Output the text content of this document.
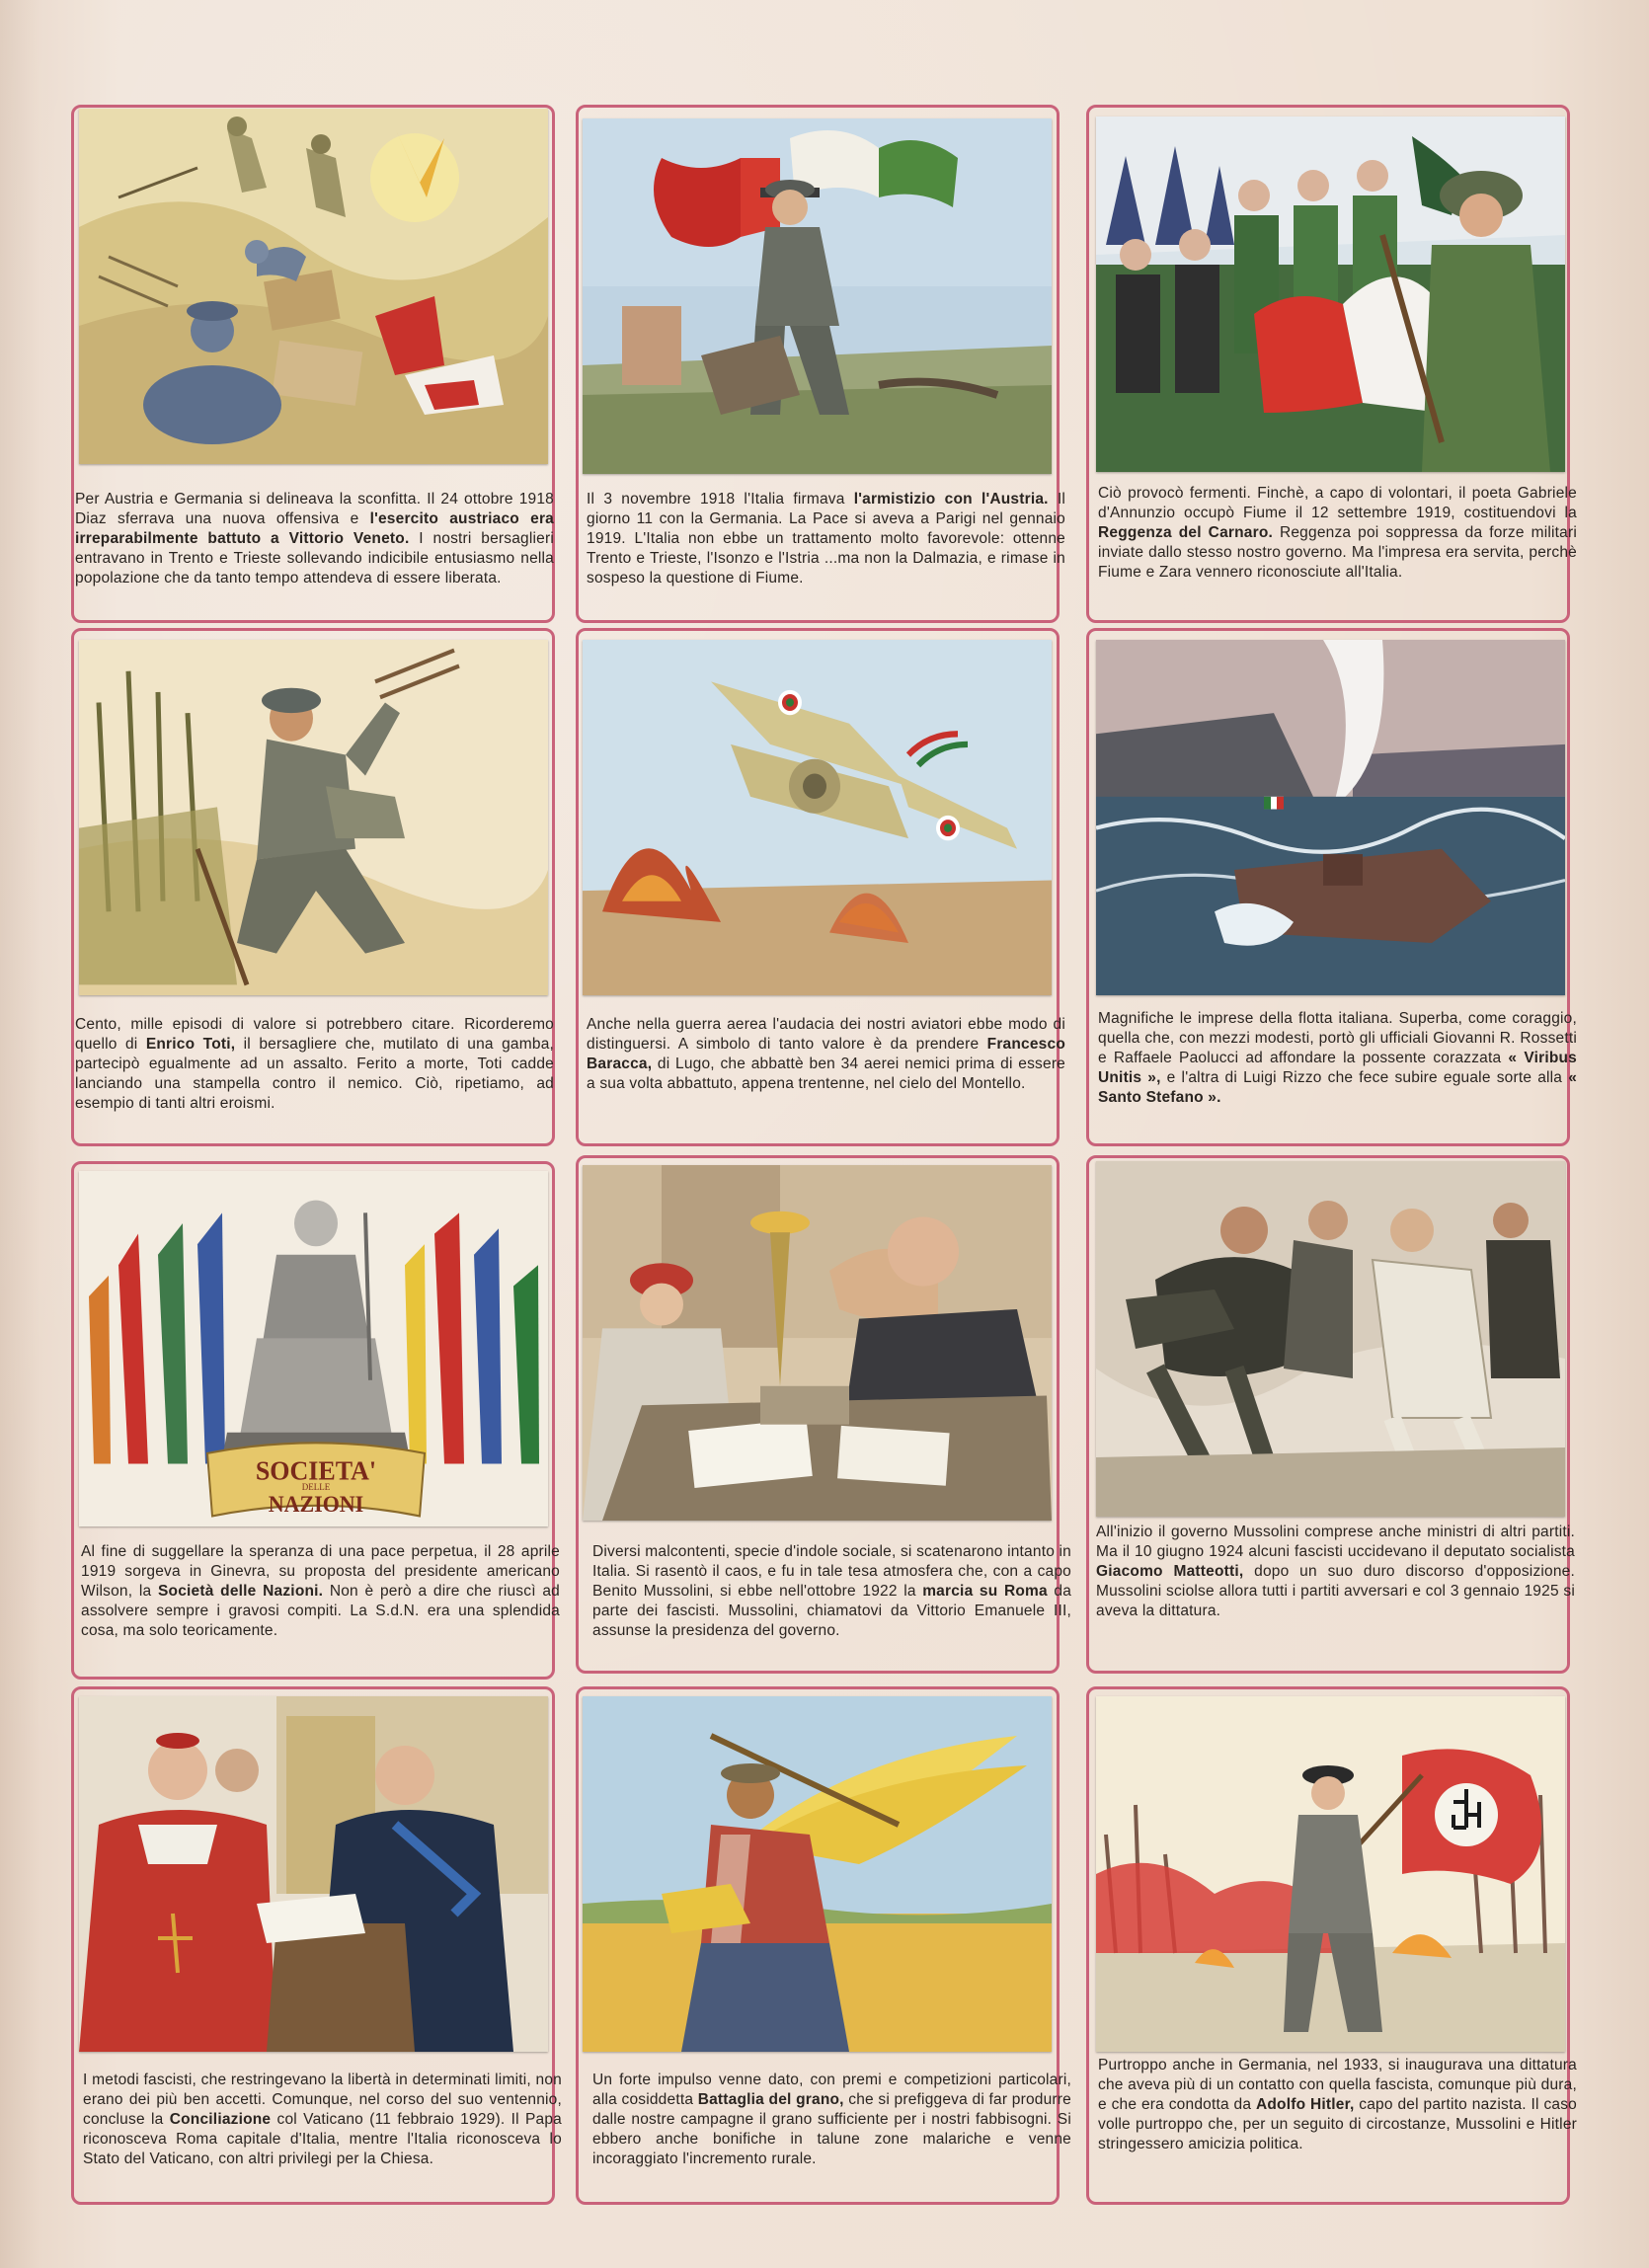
Per Austria e Germania si delineava la sconfitta. Il 24 ottobre 1918 Diaz sferrava una nuova offensiva e l'esercito austriaco era irreparabilmente battuto a Vittorio Veneto. I nostri bersaglieri entravano in Trento e Trieste sollevando indicibile entusiasmo nella popolazione che da tanto tempo attendeva di essere liberata.
Il 3 novembre 1918 l'Italia firmava l'armistizio con l'Austria. Il giorno 11 con la Germania. La Pace si aveva a Parigi nel gennaio 1919. L'Italia non ebbe un trattamento molto favorevole: ottenne Trento e Trieste, l'Isonzo e l'Istria ...ma non la Dalmazia, e rimase in sospeso la questione di Fiume.
Ciò provocò fermenti. Finchè, a capo di volontari, il poeta Gabriele d'Annunzio occupò Fiume il 12 settembre 1919, costituendovi la Reggenza del Carnaro. Reggenza poi soppressa da forze militari inviate dallo stesso nostro governo. Ma l'impresa era servita, perchè Fiume e Zara vennero riconosciute all'Italia.
Cento, mille episodi di valore si potrebbero citare. Ricorderemo quello di Enrico Toti, il bersagliere che, mutilato di una gamba, partecipò egualmente ad un assalto. Ferito a morte, Toti cadde lanciando una stampella contro il nemico. Ciò, ripetiamo, ad esempio di tanti altri eroismi.
Anche nella guerra aerea l'audacia dei nostri aviatori ebbe modo di distinguersi. A simbolo di tanto valore è da prendere Francesco Baracca, di Lugo, che abbattè ben 34 aerei nemici prima di essere a sua volta abbattuto, appena trentenne, nel cielo del Montello.
Magnifiche le imprese della flotta italiana. Superba, come coraggio, quella che, con mezzi modesti, portò gli ufficiali Giovanni R. Rossetti e Raffaele Paolucci ad affondare la possente corazzata « Viribus Unitis », e l'altra di Luigi Rizzo che fece subire eguale sorte alla « Santo Stefano ».
SOCIETA'
DELLE
NAZIONI
Al fine di suggellare la speranza di una pace perpetua, il 28 aprile 1919 sorgeva in Ginevra, su proposta del presidente americano Wilson, la Società delle Nazioni. Non è però a dire che riuscì ad assolvere sempre i gravosi compiti. La S.d.N. era una splendida cosa, ma solo teoricamente.
Diversi malcontenti, specie d'indole sociale, si scatenarono intanto in Italia. Si rasentò il caos, e fu in tale tesa atmosfera che, con a capo Benito Mussolini, si ebbe nell'ottobre 1922 la marcia su Roma da parte dei fascisti. Mussolini, chiamatovi da Vittorio Emanuele III, assunse la presidenza del governo.
All'inizio il governo Mussolini comprese anche ministri di altri partiti. Ma il 10 giugno 1924 alcuni fascisti uccidevano il deputato socialista Giacomo Matteotti, dopo un suo duro discorso d'opposizione. Mussolini sciolse allora tutti i partiti avversari e col 3 gennaio 1925 si aveva la dittatura.
I metodi fascisti, che restringevano la libertà in determinati limiti, non erano dei più ben accetti. Comunque, nel corso del suo ventennio, concluse la Conciliazione col Vaticano (11 febbraio 1929). Il Papa riconosceva Roma capitale d'Italia, mentre l'Italia riconosceva lo Stato del Vaticano, con altri privilegi per la Chiesa.
Un forte impulso venne dato, con premi e competizioni particolari, alla cosiddetta Battaglia del grano, che si prefiggeva di far produrre dalle nostre campagne il grano sufficiente per i nostri fabbisogni. Si ebbero anche bonifiche in talune zone malariche e venne incoraggiato l'incremento rurale.
Purtroppo anche in Germania, nel 1933, si inaugurava una dittatura che aveva più di un contatto con quella fascista, comunque più dura, e che era condotta da Adolfo Hitler, capo del partito nazista. Il caso volle purtroppo che, per un seguito di circostanze, Mussolini e Hitler stringessero amicizia politica.
